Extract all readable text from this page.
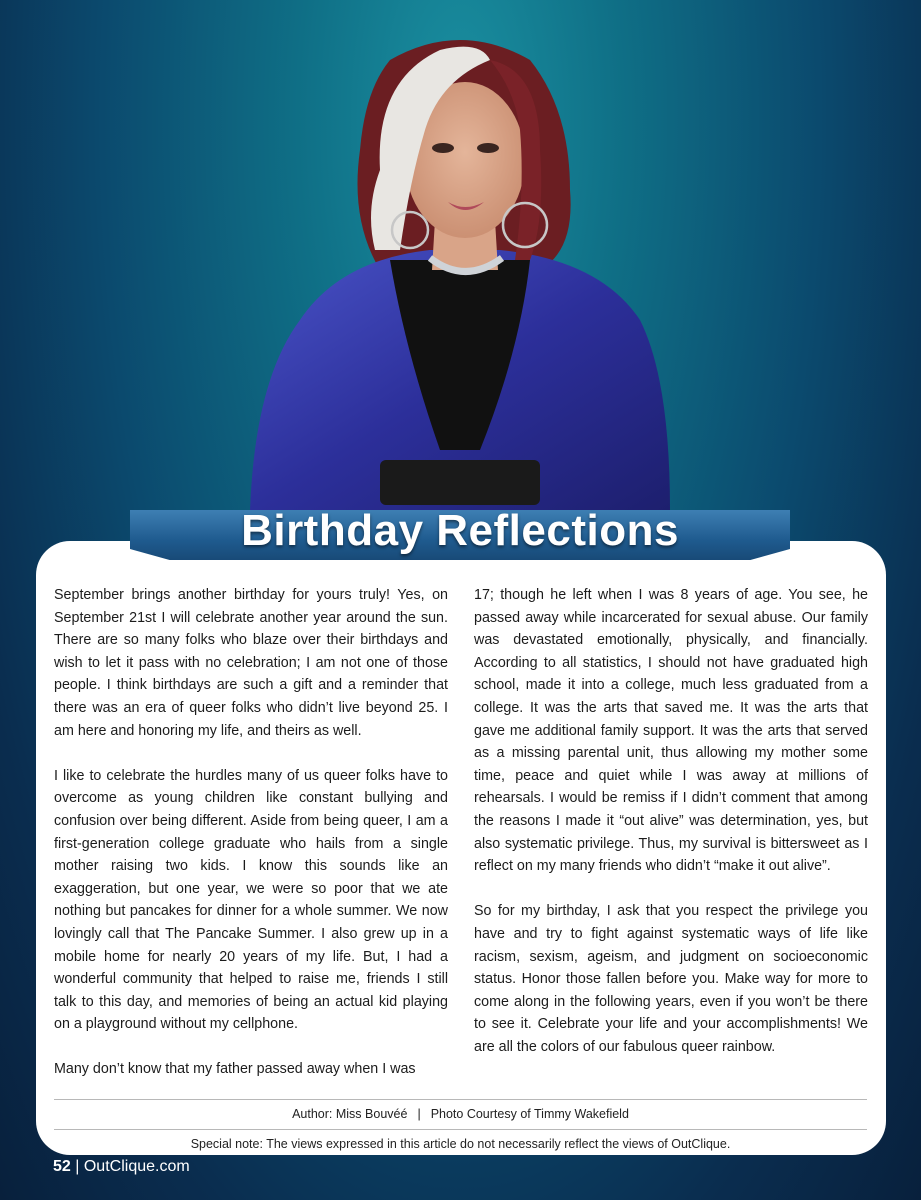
Birthday Reflections

September brings another birthday for yours truly! Yes, on September 21st I will celebrate another year around the sun. There are so many folks who blaze over their birthdays and wish to let it pass with no celebration; I am not one of those people. I think birthdays are such a gift and a reminder that there was an era of queer folks who didn’t live beyond 25. I am here and honoring my life, and theirs as well.

I like to celebrate the hurdles many of us queer folks have to overcome as young children like constant bullying and confusion over being different. Aside from being queer, I am a first-generation college graduate who hails from a single mother raising two kids. I know this sounds like an exaggeration, but one year, we were so poor that we ate nothing but pancakes for dinner for a whole summer. We now lovingly call that The Pancake Summer. I also grew up in a mobile home for nearly 20 years of my life. But, I had a wonderful community that helped to raise me, friends I still talk to this day, and memories of being an actual kid playing on a playground without my cellphone.

Many don’t know that my father passed away when I was

17; though he left when I was 8 years of age. You see, he passed away while incarcerated for sexual abuse. Our family was devastated emotionally, physically, and financially. According to all statistics, I should not have graduated high school, made it into a college, much less graduated from a college. It was the arts that saved me. It was the arts that gave me additional family support. It was the arts that served as a missing parental unit, thus allowing my mother some time, peace and quiet while I was away at millions of rehearsals. I would be remiss if I didn’t comment that among the reasons I made it “out alive” was determination, yes, but also systematic privilege. Thus, my survival is bittersweet as I reflect on my many friends who didn’t “make it out alive”.

So for my birthday, I ask that you respect the privilege you have and try to fight against systematic ways of life like racism, sexism, ageism, and judgment on socioeconomic status. Honor those fallen before you. Make way for more to come along in the following years, even if you won’t be there to see it. Celebrate your life and your accomplishments! We are all the colors of our fabulous queer rainbow.

Author: Miss Bouvéé | Photo Courtesy of Timmy Wakefield
Special note: The views expressed in this article do not necessarily reflect the views of OutClique.
52 | OutClique.com
